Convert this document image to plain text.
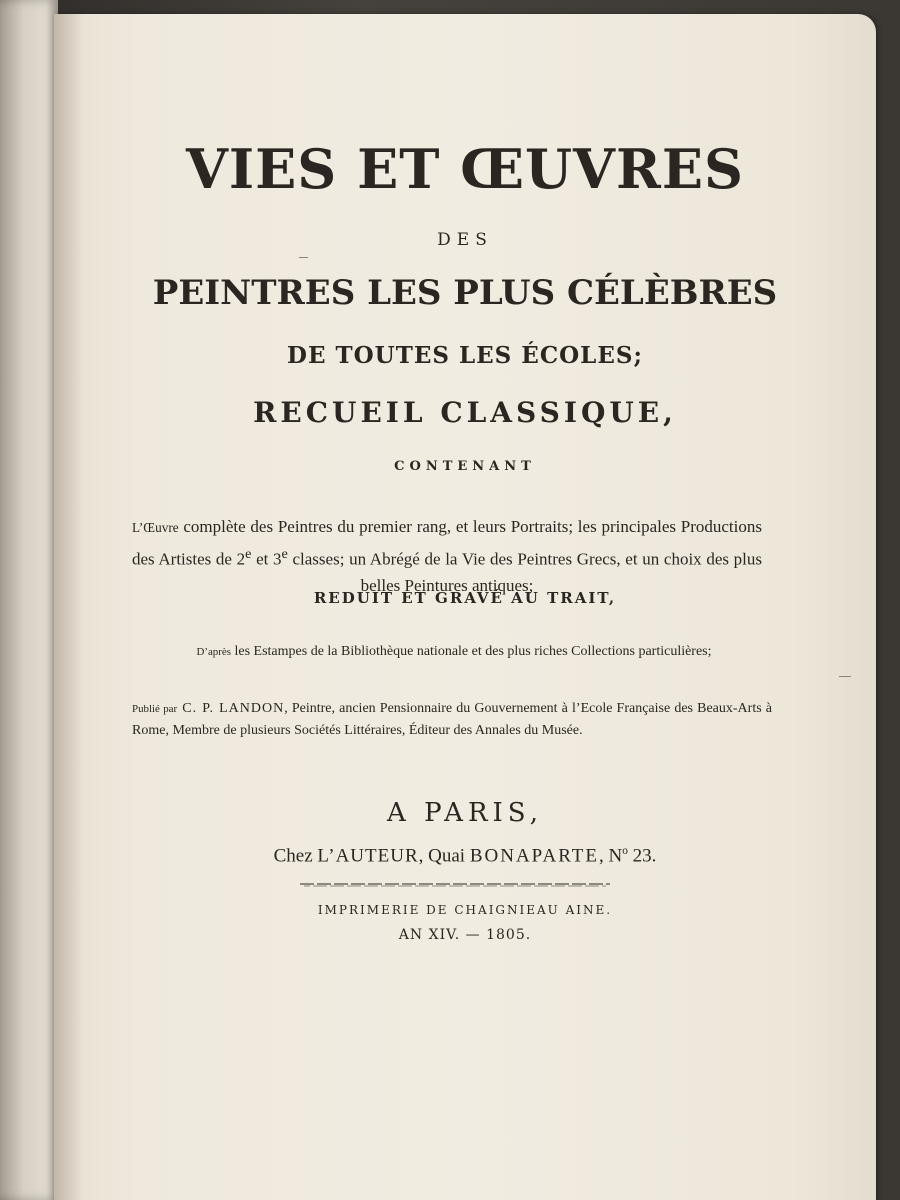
VIES ET ŒUVRES

DES

PEINTRES LES PLUS CÉLÈBRES
DE TOUTES LES ÉCOLES;
RECUEIL CLASSIQUE,

CONTENANT

L’Œuvre complète des Peintres du premier rang, et leurs Portraits; les principales Productions des Artistes de 2e et 3e classes; un Abrégé de la Vie des Peintres Grecs, et un choix des plus belles Peintures antiques;

REDUIT ET GRAVÉ AU TRAIT,

D’après les Estampes de la Bibliothèque nationale et des plus riches Collections particulières;

Publié par C. P. LANDON, Peintre, ancien Pensionnaire du Gouvernement à l’Ecole Française des Beaux-Arts à Rome, Membre de plusieurs Sociétés Littéraires, Éditeur des Annales du Musée.

A PARIS,

Chez L’AUTEUR, Quai BONAPARTE, $N^o$ 23.

IMPRIMERIE DE CHAIGNIEAU AINE.

AN XIV. — 1805.
